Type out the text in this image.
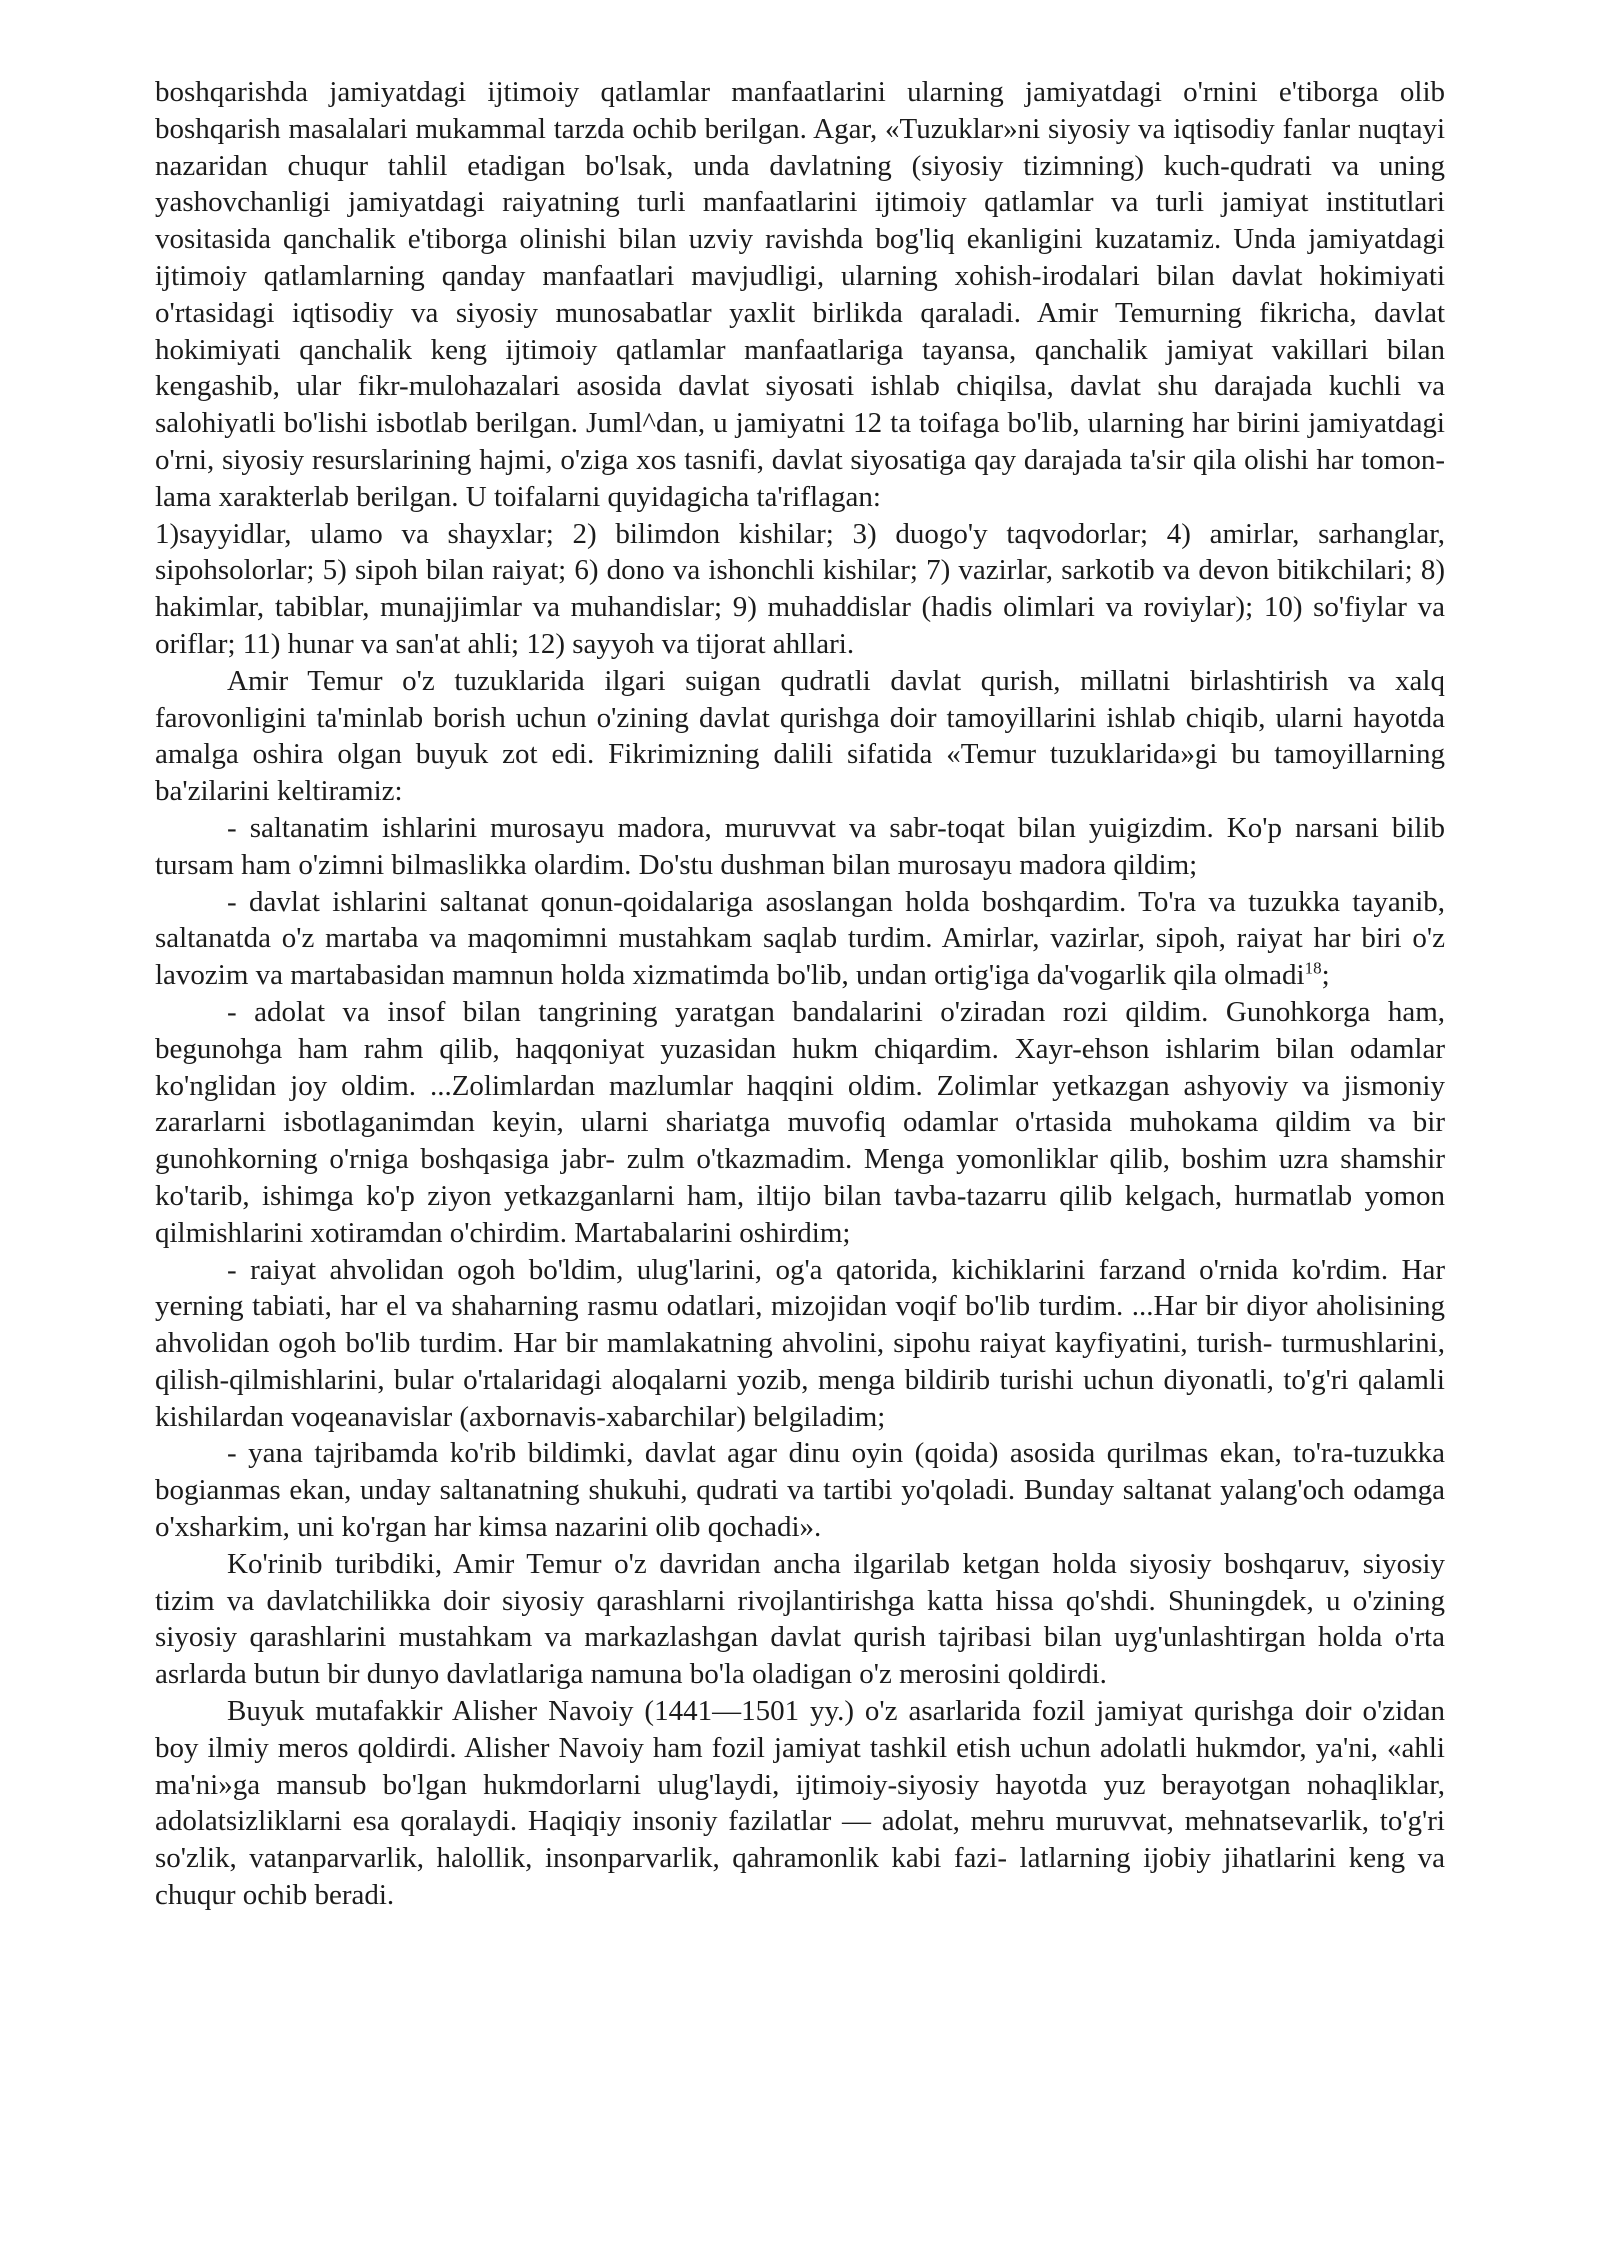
boshqarishda jamiyatdagi ijtimoiy qatlamlar manfaatlarini ularning jamiyatdagi o'rnini e'tiborga olib boshqarish masalalari mukammal tarzda ochib berilgan. Agar, «Tuzuklar»ni siyosiy va iqtisodiy fanlar nuqtayi nazaridan chuqur tahlil etadigan bo'lsak, unda davlatning (siyosiy tizimning) kuch-qudrati va uning yashovchanligi jamiyatdagi raiyatning turli manfaatlarini ijtimoiy qatlamlar va turli jamiyat institutlari vositasida qanchalik e'tiborga olinishi bilan uzviy ravishda bog'liq ekanligini kuzatamiz. Unda jamiyatdagi ijtimoiy qatlamlarning qanday manfaatlari mavjudligi, ularning xohish-irodalari bilan davlat hokimiyati o'rtasidagi iqtisodiy va siyosiy munosabatlar yaxlit birlikda qaraladi. Amir Temurning fikricha, davlat hokimiyati qanchalik keng ijtimoiy qatlamlar manfaatlariga tayansa, qanchalik jamiyat vakillari bilan kengashib, ular fikr-mulohazalari asosida davlat siyosati ishlab chiqilsa, davlat shu darajada kuchli va salohiyatli bo'lishi isbotlab berilgan. Juml^dan, u jamiyatni 12 ta toifaga bo'lib, ularning har birini jamiyatdagi o'rni, siyosiy resurslarining hajmi, o'ziga xos tasnifi, davlat siyosatiga qay darajada ta'sir qila olishi har tomon-lama xarakterlab berilgan. U toifalarni quyidagicha ta'riflagan:

1)sayyidlar, ulamo va shayxlar; 2) bilimdon kishilar; 3) duogo'y taqvodorlar; 4) amirlar, sarhanglar, sipohsolorlar; 5) sipoh bilan raiyat; 6) dono va ishonchli kishilar; 7) vazirlar, sarkotib va devon bitikchilari; 8) hakimlar, tabiblar, munajjimlar va muhandislar; 9) muhaddislar (hadis olimlari va roviylar); 10) so'fiylar va oriflar; 11) hunar va san'at ahli; 12) sayyoh va tijorat ahllari.

Amir Temur o'z tuzuklarida ilgari suigan qudratli davlat qurish, millatni birlashtirish va xalq farovonligini ta'minlab borish uchun o'zining davlat qurishga doir tamoyillarini ishlab chiqib, ularni hayotda amalga oshira olgan buyuk zot edi. Fikrimizning dalili sifatida «Temur tuzuklarida»gi bu tamoyillarning ba'zilarini keltiramiz:

- saltanatim ishlarini murosayu madora, muruvvat va sabr-toqat bilan yuigizdim. Ko'p narsani bilib tursam ham o'zimni bilmaslikka olardim. Do'stu dushman bilan murosayu madora qildim;

- davlat ishlarini saltanat qonun-qoidalariga asoslangan holda boshqardim. To'ra va tuzukka tayanib, saltanatda o'z martaba va maqomimni mustahkam saqlab turdim. Amirlar, vazirlar, sipoh, raiyat har biri o'z lavozim va martabasidan mamnun holda xizmatimda bo'lib, undan ortig'iga da'vogarlik qila olmadi$^{18}$;

- adolat va insof bilan tangrining yaratgan bandalarini o'ziradan rozi qildim. Gunohkorga ham, begunohga ham rahm qilib, haqqoniyat yuzasidan hukm chiqardim. Xayr-ehson ishlarim bilan odamlar ko'nglidan joy oldim. ...Zolimlardan mazlumlar haqqini oldim. Zolimlar yetkazgan ashyoviy va jismoniy zararlarni isbotlaganimdan keyin, ularni shariatga muvofiq odamlar o'rtasida muhokama qildim va bir gunohkorning o'rniga boshqasiga jabr- zulm o'tkazmadim. Menga yomonliklar qilib, boshim uzra shamshir ko'tarib, ishimga ko'p ziyon yetkazganlarni ham, iltijo bilan tavba-tazarru qilib kelgach, hurmatlab yomon qilmishlarini xotiramdan o'chirdim. Martabalarini oshirdim;

- raiyat ahvolidan ogoh bo'ldim, ulug'larini, og'a qatorida, kichiklarini farzand o'rnida ko'rdim. Har yerning tabiati, har el va shaharning rasmu odatlari, mizojidan voqif bo'lib turdim. ...Har bir diyor aholisining ahvolidan ogoh bo'lib turdim. Har bir mamlakatning ahvolini, sipohu raiyat kayfiyatini, turish- turmushlarini, qilish-qilmishlarini, bular o'rtalaridagi aloqalarni yozib, menga bildirib turishi uchun diyonatli, to'g'ri qalamli kishilardan voqeanavislar (axbornavis-xabarchilar) belgiladim;

- yana tajribamda ko'rib bildimki, davlat agar dinu oyin (qoida) asosida qurilmas ekan, to'ra-tuzukka bogianmas ekan, unday saltanatning shukuhi, qudrati va tartibi yo'qoladi. Bunday saltanat yalang'och odamga o'xsharkim, uni ko'rgan har kimsa nazarini olib qochadi».

Ko'rinib turibdiki, Amir Temur o'z davridan ancha ilgarilab ketgan holda siyosiy boshqaruv, siyosiy tizim va davlatchilikka doir siyosiy qarashlarni rivojlantirishga katta hissa qo'shdi. Shuningdek, u o'zining siyosiy qarashlarini mustahkam va markazlashgan davlat qurish tajribasi bilan uyg'unlashtirgan holda o'rta asrlarda butun bir dunyo davlatlariga namuna bo'la oladigan o'z merosini qoldirdi.

Buyuk mutafakkir Alisher Navoiy (1441—1501 yy.) o'z asarlarida fozil jamiyat qurishga doir o'zidan boy ilmiy meros qoldirdi. Alisher Navoiy ham fozil jamiyat tashkil etish uchun adolatli hukmdor, ya'ni, «ahli ma'ni»ga mansub bo'lgan hukmdorlarni ulug'laydi, ijtimoiy-siyosiy hayotda yuz berayotgan nohaqliklar, adolatsizliklarni esa qoralaydi. Haqiqiy insoniy fazilatlar — adolat, mehru muruvvat, mehnatsevarlik, to'g'ri so'zlik, vatanparvarlik, halollik, insonparvarlik, qahramonlik kabi fazi- latlarning ijobiy jihatlarini keng va chuqur ochib beradi.
